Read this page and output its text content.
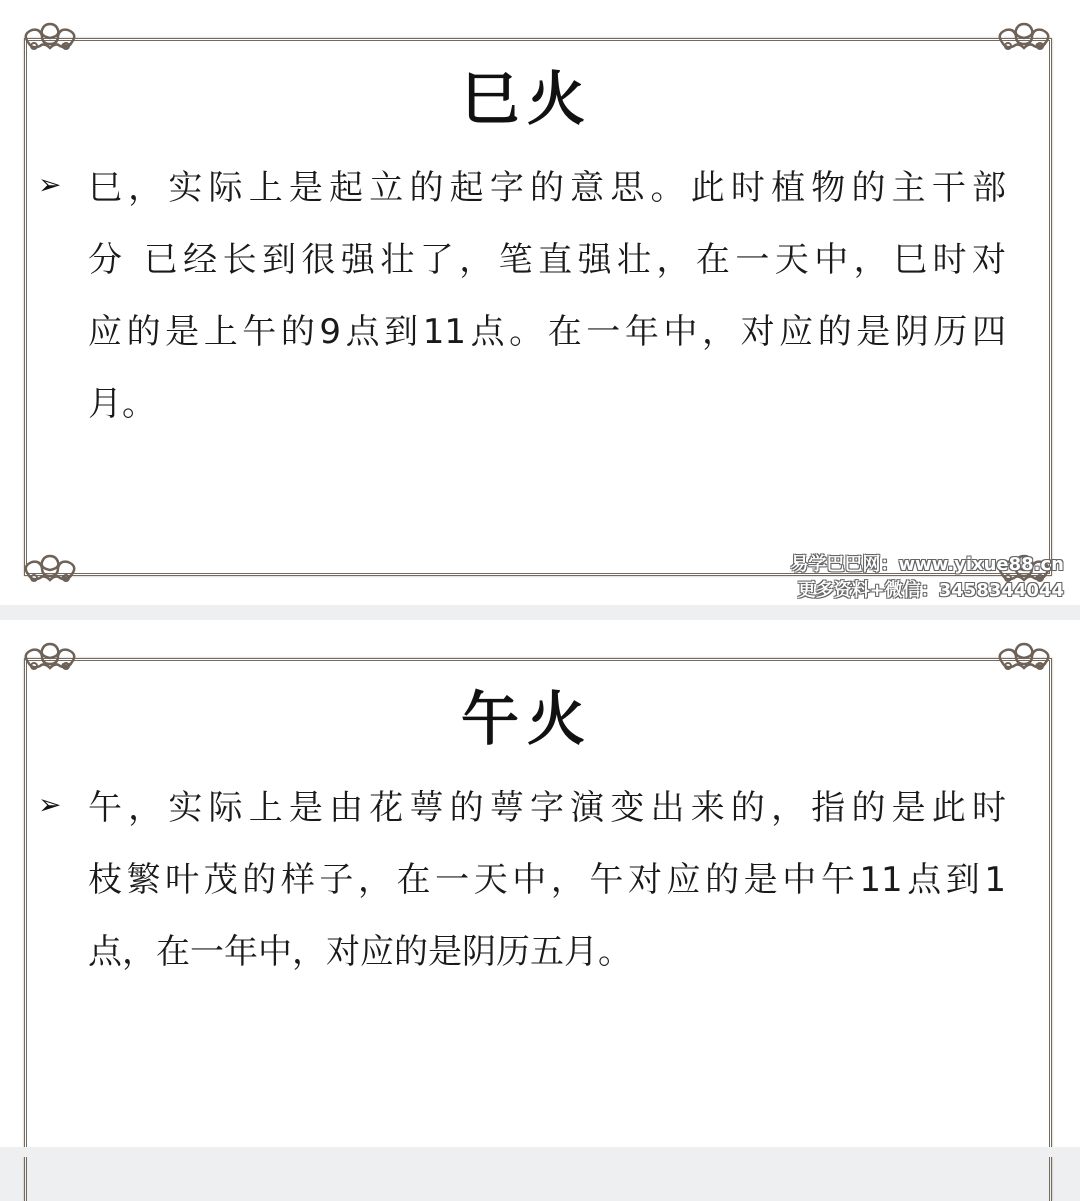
巳火
➢ 巳，实际上是起立的起字的意思。此时植物的主干部
分 已经长到很强壮了，笔直强壮，在一天中，巳时对
应的是上午的9点到11点。在一年中，对应的是阴历四
月。
易学巴巴网：www.yixue88.cn
更多资料+微信：3458344044
午火
➢ 午，实际上是由花萼的萼字演变出来的，指的是此时
枝繁叶茂的样子，在一天中，午对应的是中午11点到1
点，在一年中，对应的是阴历五月。
